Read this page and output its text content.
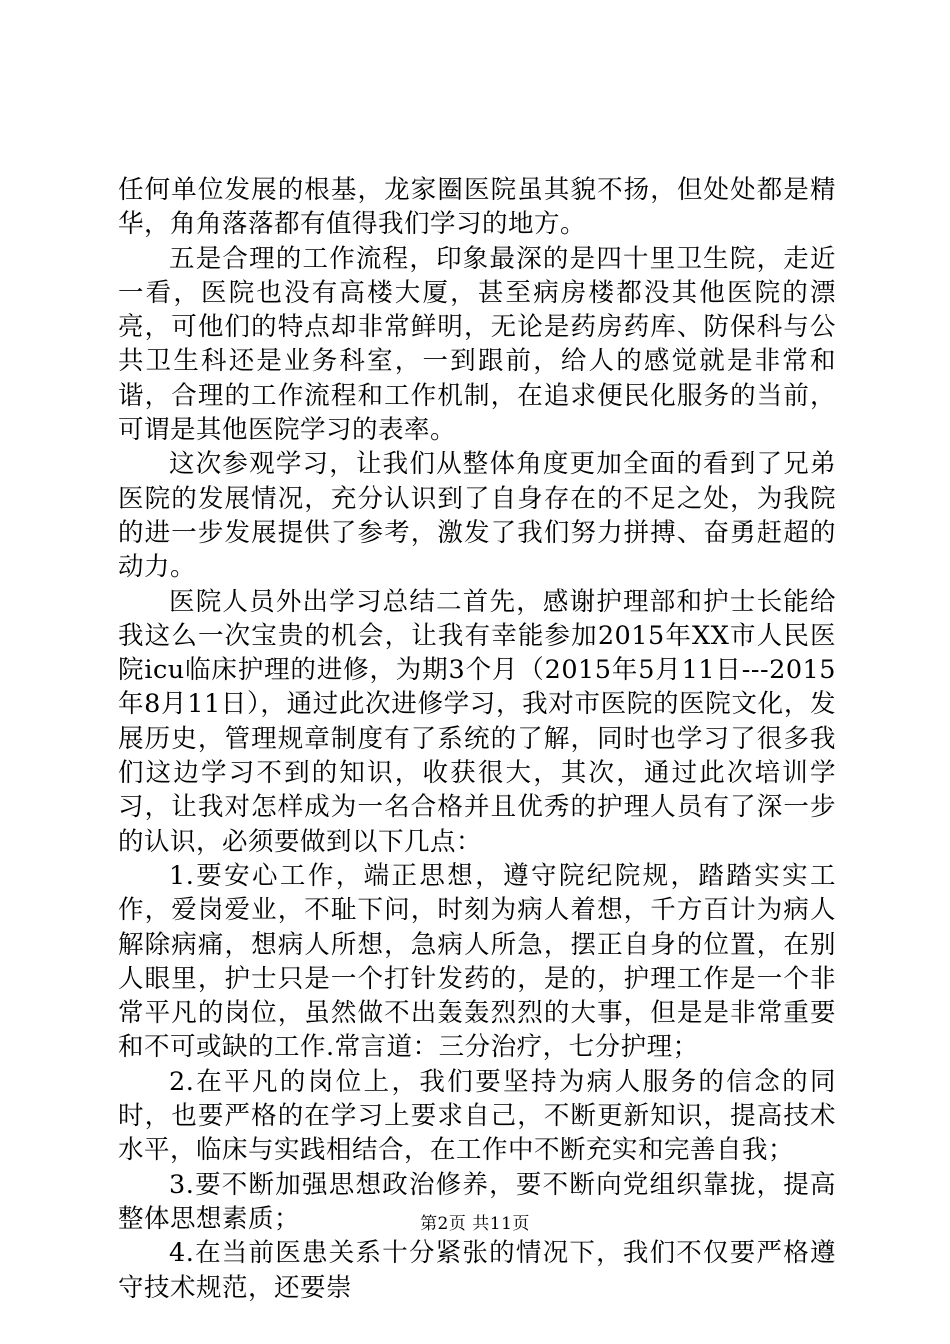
任何单位发展的根基，龙家圈医院虽其貌不扬，但处处都是精华，角角落落都有值得我们学习的地方。

五是合理的工作流程，印象最深的是四十里卫生院，走近一看，医院也没有高楼大厦，甚至病房楼都没其他医院的漂亮，可他们的特点却非常鲜明，无论是药房药库、防保科与公共卫生科还是业务科室，一到跟前，给人的感觉就是非常和谐，合理的工作流程和工作机制，在追求便民化服务的当前，可谓是其他医院学习的表率。

这次参观学习，让我们从整体角度更加全面的看到了兄弟医院的发展情况，充分认识到了自身存在的不足之处，为我院的进一步发展提供了参考，激发了我们努力拼搏、奋勇赶超的动力。

医院人员外出学习总结二首先，感谢护理部和护士长能给我这么一次宝贵的机会，让我有幸能参加2015年XX市人民医院icu临床护理的进修，为期3个月（2015年5月11日---2015年8月11日），通过此次进修学习，我对市医院的医院文化，发展历史，管理规章制度有了系统的了解，同时也学习了很多我们这边学习不到的知识，收获很大，其次，通过此次培训学习，让我对怎样成为一名合格并且优秀的护理人员有了深一步的认识，必须要做到以下几点：

1.要安心工作，端正思想，遵守院纪院规，踏踏实实工作，爱岗爱业，不耻下问，时刻为病人着想，千方百计为病人解除病痛，想病人所想，急病人所急，摆正自身的位置，在别人眼里，护士只是一个打针发药的，是的，护理工作是一个非常平凡的岗位，虽然做不出轰轰烈烈的大事，但是是非常重要和不可或缺的工作.常言道：三分治疗，七分护理；

2.在平凡的岗位上，我们要坚持为病人服务的信念的同时，也要严格的在学习上要求自己，不断更新知识，提高技术水平，临床与实践相结合，在工作中不断充实和完善自我；

3.要不断加强思想政治修养，要不断向党组织靠拢，提高整体思想素质；

4.在当前医患关系十分紧张的情况下，我们不仅要严格遵守技术规范，还要崇

第2页 共11页
